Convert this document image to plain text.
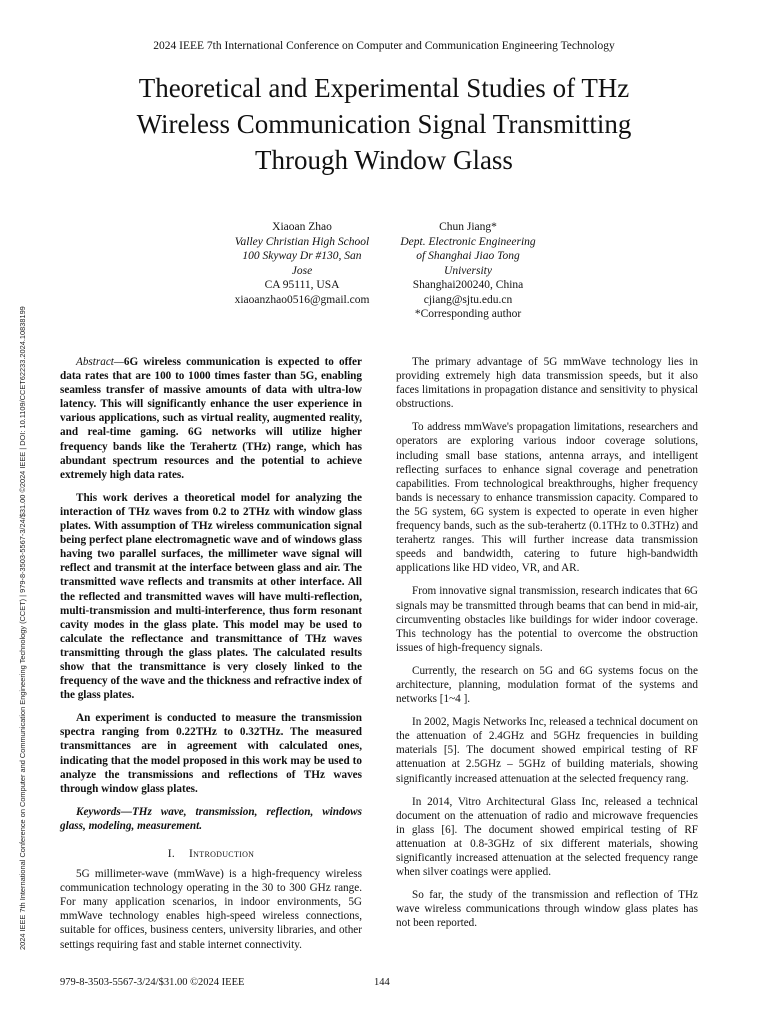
2024 IEEE 7th International Conference on Computer and Communication Engineering Technology (CCET) | 979-8-3503-5567-3/24/$31.00 ©2024 IEEE | DOI: 10.1109/CCET62233.2024.10838199
2024 IEEE 7th International Conference on Computer and Communication Engineering Technology
Theoretical and Experimental Studies of THz
Wireless Communication Signal Transmitting
Through Window Glass
Xiaoan Zhao
Valley Christian High School
100 Skyway Dr #130, San
Jose
CA 95111, USA
xiaoanzhao0516@gmail.com
Chun Jiang*
Dept. Electronic Engineering
of Shanghai Jiao Tong
University
Shanghai200240, China
cjiang@sjtu.edu.cn
*Corresponding author

Abstract—6G wireless communication is expected to offer data rates that are 100 to 1000 times faster than 5G, enabling seamless transfer of massive amounts of data with ultra-low latency. This will significantly enhance the user experience in various applications, such as virtual reality, augmented reality, and real-time gaming. 6G networks will utilize higher frequency bands like the Terahertz (THz) range, which has abundant spectrum resources and the potential to achieve extremely high data rates.

This work derives a theoretical model for analyzing the interaction of THz waves from 0.2 to 2THz with window glass plates. With assumption of THz wireless communication signal being perfect plane electromagnetic wave and of windows glass having two parallel surfaces, the millimeter wave signal will reflect and transmit at the interface between glass and air. The transmitted wave reflects and transmits at other interface. All the reflected and transmitted waves will have multi-reflection, multi-transmission and multi-interference, thus form resonant cavity modes in the glass plate. This model may be used to calculate the reflectance and transmittance of THz waves transmitting through the glass plates. The calculated results show that the transmittance is very closely linked to the frequency of the wave and the thickness and refractive index of the glass plates.

An experiment is conducted to measure the transmission spectra ranging from 0.22THz to 0.32THz. The measured transmittances are in agreement with calculated ones, indicating that the model proposed in this work may be used to analyze the transmissions and reflections of THz waves through window glass plates.

Keywords—THz wave, transmission, reflection, windows glass, modeling, measurement.

I. Introduction

5G millimeter-wave (mmWave) is a high-frequency wireless communication technology operating in the 30 to 300 GHz range. For many application scenarios, in indoor environments, 5G mmWave technology enables high-speed wireless connections, suitable for offices, business centers, university libraries, and other settings requiring fast and stable internet connectivity.

The primary advantage of 5G mmWave technology lies in providing extremely high data transmission speeds, but it also faces limitations in propagation distance and sensitivity to physical obstructions.

To address mmWave's propagation limitations, researchers and operators are exploring various indoor coverage solutions, including small base stations, antenna arrays, and intelligent reflecting surfaces to enhance signal coverage and penetration capabilities. From technological breakthroughs, higher frequency bands is necessary to enhance transmission capacity. Compared to the 5G system, 6G system is expected to operate in even higher frequency bands, such as the sub-terahertz (0.1THz to 0.3THz) and terahertz ranges. This will further increase data transmission speeds and bandwidth, catering to future high-bandwidth applications like HD video, VR, and AR.

From innovative signal transmission, research indicates that 6G signals may be transmitted through beams that can bend in mid-air, circumventing obstacles like buildings for wider indoor coverage. This technology has the potential to overcome the obstruction issues of high-frequency signals.

Currently, the research on 5G and 6G systems focus on the architecture, planning, modulation format of the systems and networks [1~4 ].

In 2002, Magis Networks Inc, released a technical document on the attenuation of 2.4GHz and 5GHz frequencies in building materials [5]. The document showed empirical testing of RF attenuation at 2.5GHz – 5GHz of building materials, showing significantly increased attenuation at the selected frequency rang.

In 2014, Vitro Architectural Glass Inc, released a technical document on the attenuation of radio and microwave frequencies in glass [6]. The document showed empirical testing of RF attenuation at 0.8-3GHz of six different materials, showing significantly increased attenuation at the selected frequency range when silver coatings were applied.

So far, the study of the transmission and reflection of THz wave wireless communications through window glass plates has not been reported.

979-8-3503-5567-3/24/$31.00 ©2024 IEEE	144
